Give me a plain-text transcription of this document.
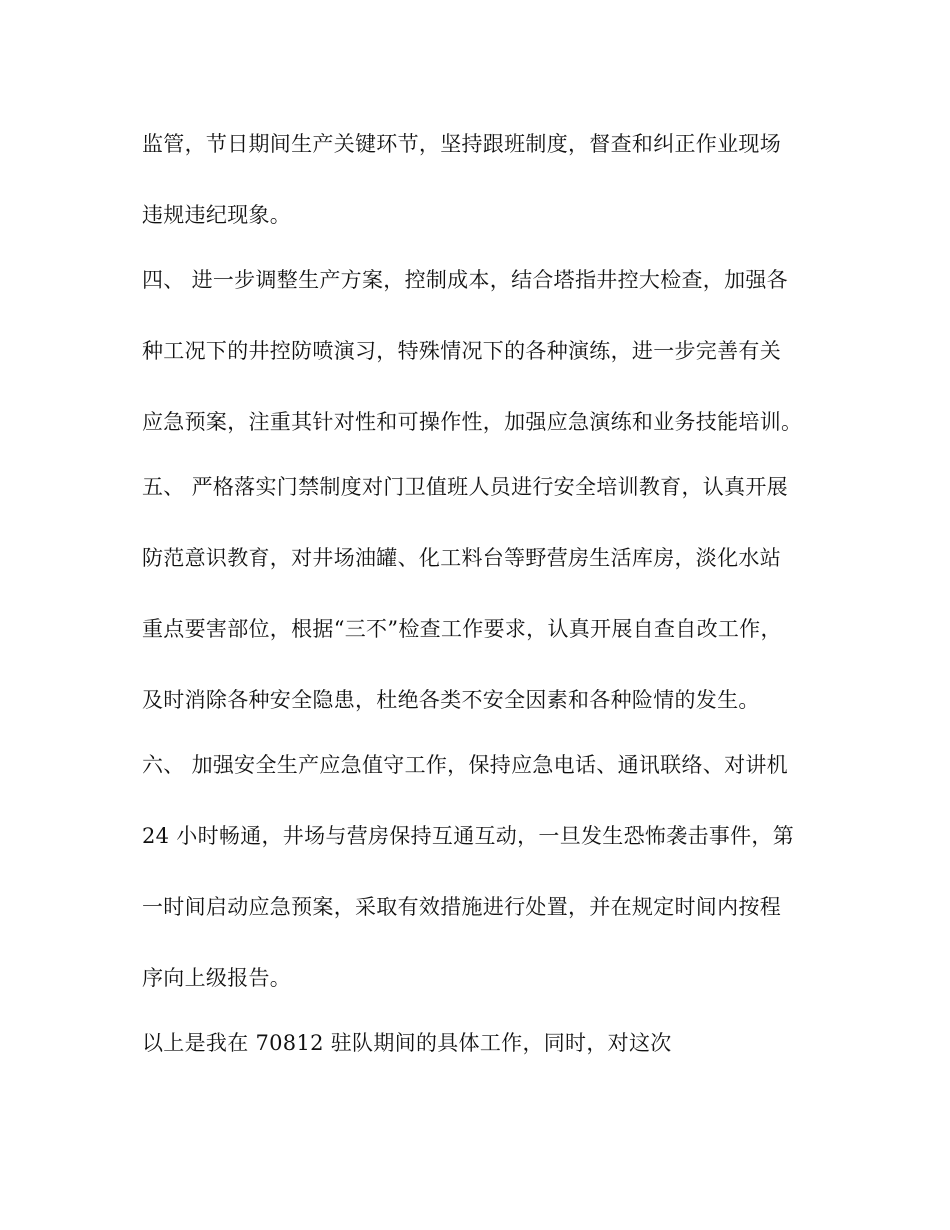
监管，节日期间生产关键环节，坚持跟班制度，督查和纠正作业现场
违规违纪现象。
四、 进一步调整生产方案，控制成本，结合塔指井控大检查，加强各
种工况下的井控防喷演习，特殊情况下的各种演练，进一步完善有关
应急预案，注重其针对性和可操作性，加强应急演练和业务技能培训。
五、 严格落实门禁制度对门卫值班人员进行安全培训教育，认真开展
防范意识教育，对井场油罐、化工料台等野营房生活库房，淡化水站
重点要害部位，根据“三不”检查工作要求，认真开展自查自改工作，
及时消除各种安全隐患，杜绝各类不安全因素和各种险情的发生。
六、 加强安全生产应急值守工作，保持应急电话、通讯联络、对讲机
24 小时畅通，井场与营房保持互通互动，一旦发生恐怖袭击事件，第
一时间启动应急预案，采取有效措施进行处置，并在规定时间内按程
序向上级报告。
以上是我在 70812 驻队期间的具体工作，同时，对这次
